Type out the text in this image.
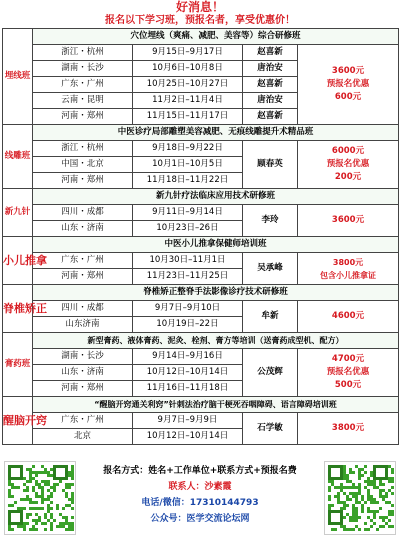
好消息！
报名以下学习班，预报名者，享受优惠价！
埋线班	穴位埋线（爽痛、减肥、美容等）综合研修班			
	浙江・杭州	9月15日–9月17日	赵喜新	3600元
预报名优惠
600元
	湖南・长沙	10月6日–10月8日	唐治安	
	广东・广州	10月25日–10月27日	赵喜新	
	云南・昆明	11月2日–11月4日	唐治安	
	河南・郑州	11月15日–11月17日	赵喜新	
线雕班	中医诊疗局部雕塑美容减肥、无痕线雕提升术精品班			
	浙江・杭州	9月18日–9月22日	顾春英	6000元
预报名优惠
200元
	中国・北京	10月1日–10月5日		
	河南・郑州	11月18日–11月22日		
新九针	新九针疗法临床应用技术研修班			
	四川・成都	9月11日–9月14日	李玲	3600元
	山东・济南	10月23日–26日		
小儿推拿	中医小儿推拿保健师培训班			
	广东・广州	10月30日–11月1日	吴承峰	3800元
包含小儿推拿证
	河南・郑州	11月23日–11月25日		
脊椎矫正	脊椎矫正整脊手法影像诊疗技术研修班			
	四川・成都	9月7日–9月10日	牟新	4600元
	山东济南	10月19日–22日		
膏药班	新型膏药、液体膏药、泥灸、栓剂、膏方等培训（送膏药成型机、配方）			
	湖南・长沙	9月14日–9月16日	公茂辉	4700元
预报名优惠
500元
	山东・济南	10月12日–10月14日		
	河南・郑州	11月16日–11月18日		
醒脑开窍	“醒脑开窍通关利窍”针刺法治疗脑干梗死吞咽障碍、语言障碍培训班			
	广东・广州	9月7日–9月9日	石学敏	3800元
	北京	10月12日–10月14日		
报名方式：姓名+工作单位+联系方式+预报名费
联系人：沙素霞
电话/微信：17310144793
公众号：医学交流论坛网
